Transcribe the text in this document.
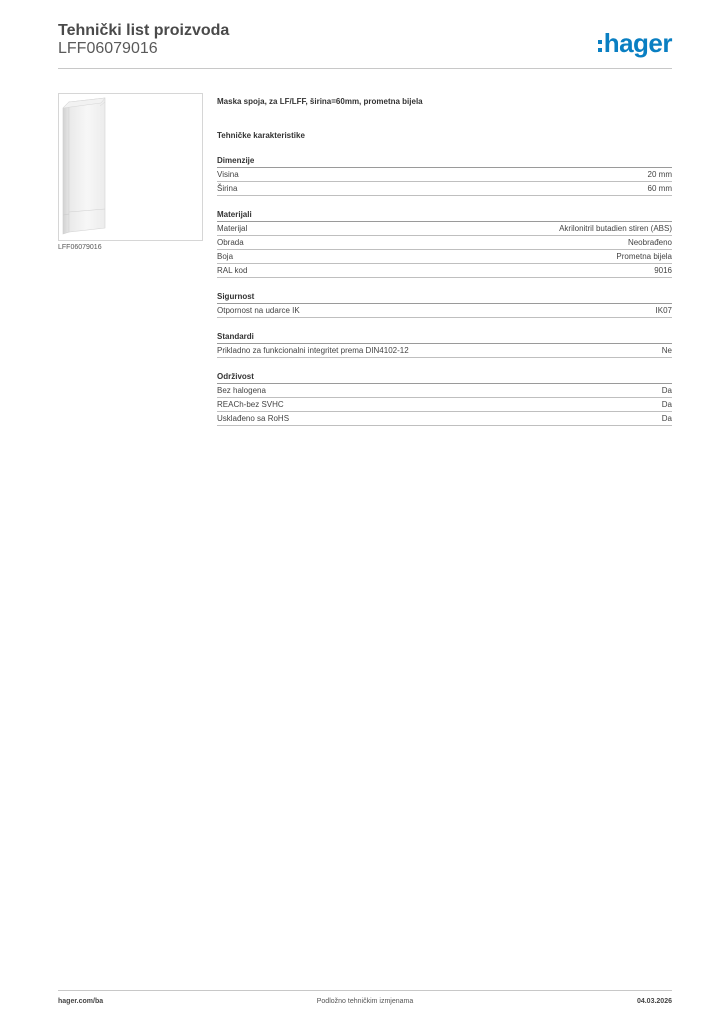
Tehnički list proizvoda
LFF06079016	hager
LFF06079016
Maska spoja, za LF/LFF, širina=60mm, prometna bijela
Tehničke karakteristike
Dimenzije
Visina	20 mm
Širina	60 mm
Materijali
Materijal	Akrilonitril butadien stiren (ABS)
Obrada	Neobrađeno
Boja	Prometna bijela
RAL kod	9016
Sigurnost
Otpornost na udarce IK	IK07
Standardi
Prikladno za funkcionalni integritet prema DIN4102-12	Ne
Održivost
Bez halogena	Da
REACh-bez SVHC	Da
Usklađeno sa RoHS	Da
hager.com/ba	Podložno tehničkim izmjenama	04.03.2026
